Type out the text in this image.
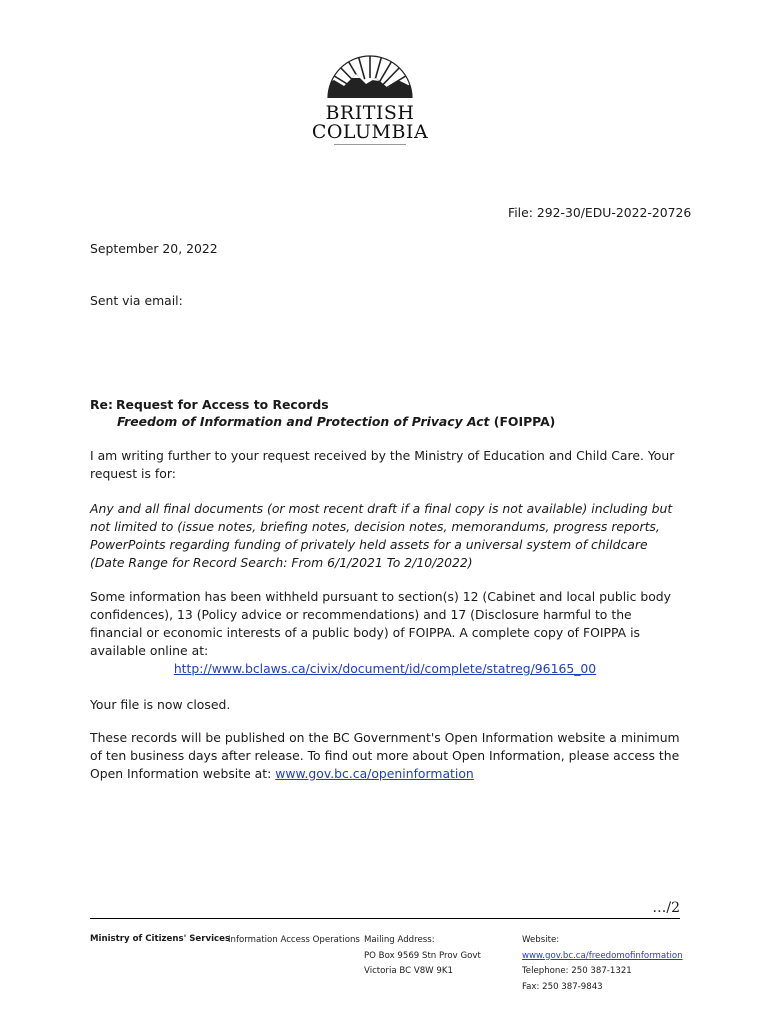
BRITISH
COLUMBIA
File: 292-30/EDU-2022-20726
September 20, 2022
Sent via email:
Re: Request for Access to Records
Freedom of Information and Protection of Privacy Act (FOIPPA)
I am writing further to your request received by the Ministry of Education and Child Care. Your request is for:
Any and all final documents (or most recent draft if a final copy is not available) including but not limited to (issue notes, briefing notes, decision notes, memorandums, progress reports, PowerPoints regarding funding of privately held assets for a universal system of childcare (Date Range for Record Search: From 6/1/2021 To 2/10/2022)
Some information has been withheld pursuant to section(s) 12 (Cabinet and local public body confidences), 13 (Policy advice or recommendations) and 17 (Disclosure harmful to the financial or economic interests of a public body) of FOIPPA. A complete copy of FOIPPA is available online at:
http://www.bclaws.ca/civix/document/id/complete/statreg/96165_00
Your file is now closed.
These records will be published on the BC Government's Open Information website a minimum of ten business days after release. To find out more about Open Information, please access the Open Information website at: www.gov.bc.ca/openinformation
…/2
Ministry of Citizens' Services
Information Access Operations Mailing Address:
PO Box 9569 Stn Prov Govt
Victoria BC V8W 9K1
Website:
www.gov.bc.ca/freedomofinformation
Telephone: 250 387-1321
Fax: 250 387-9843
